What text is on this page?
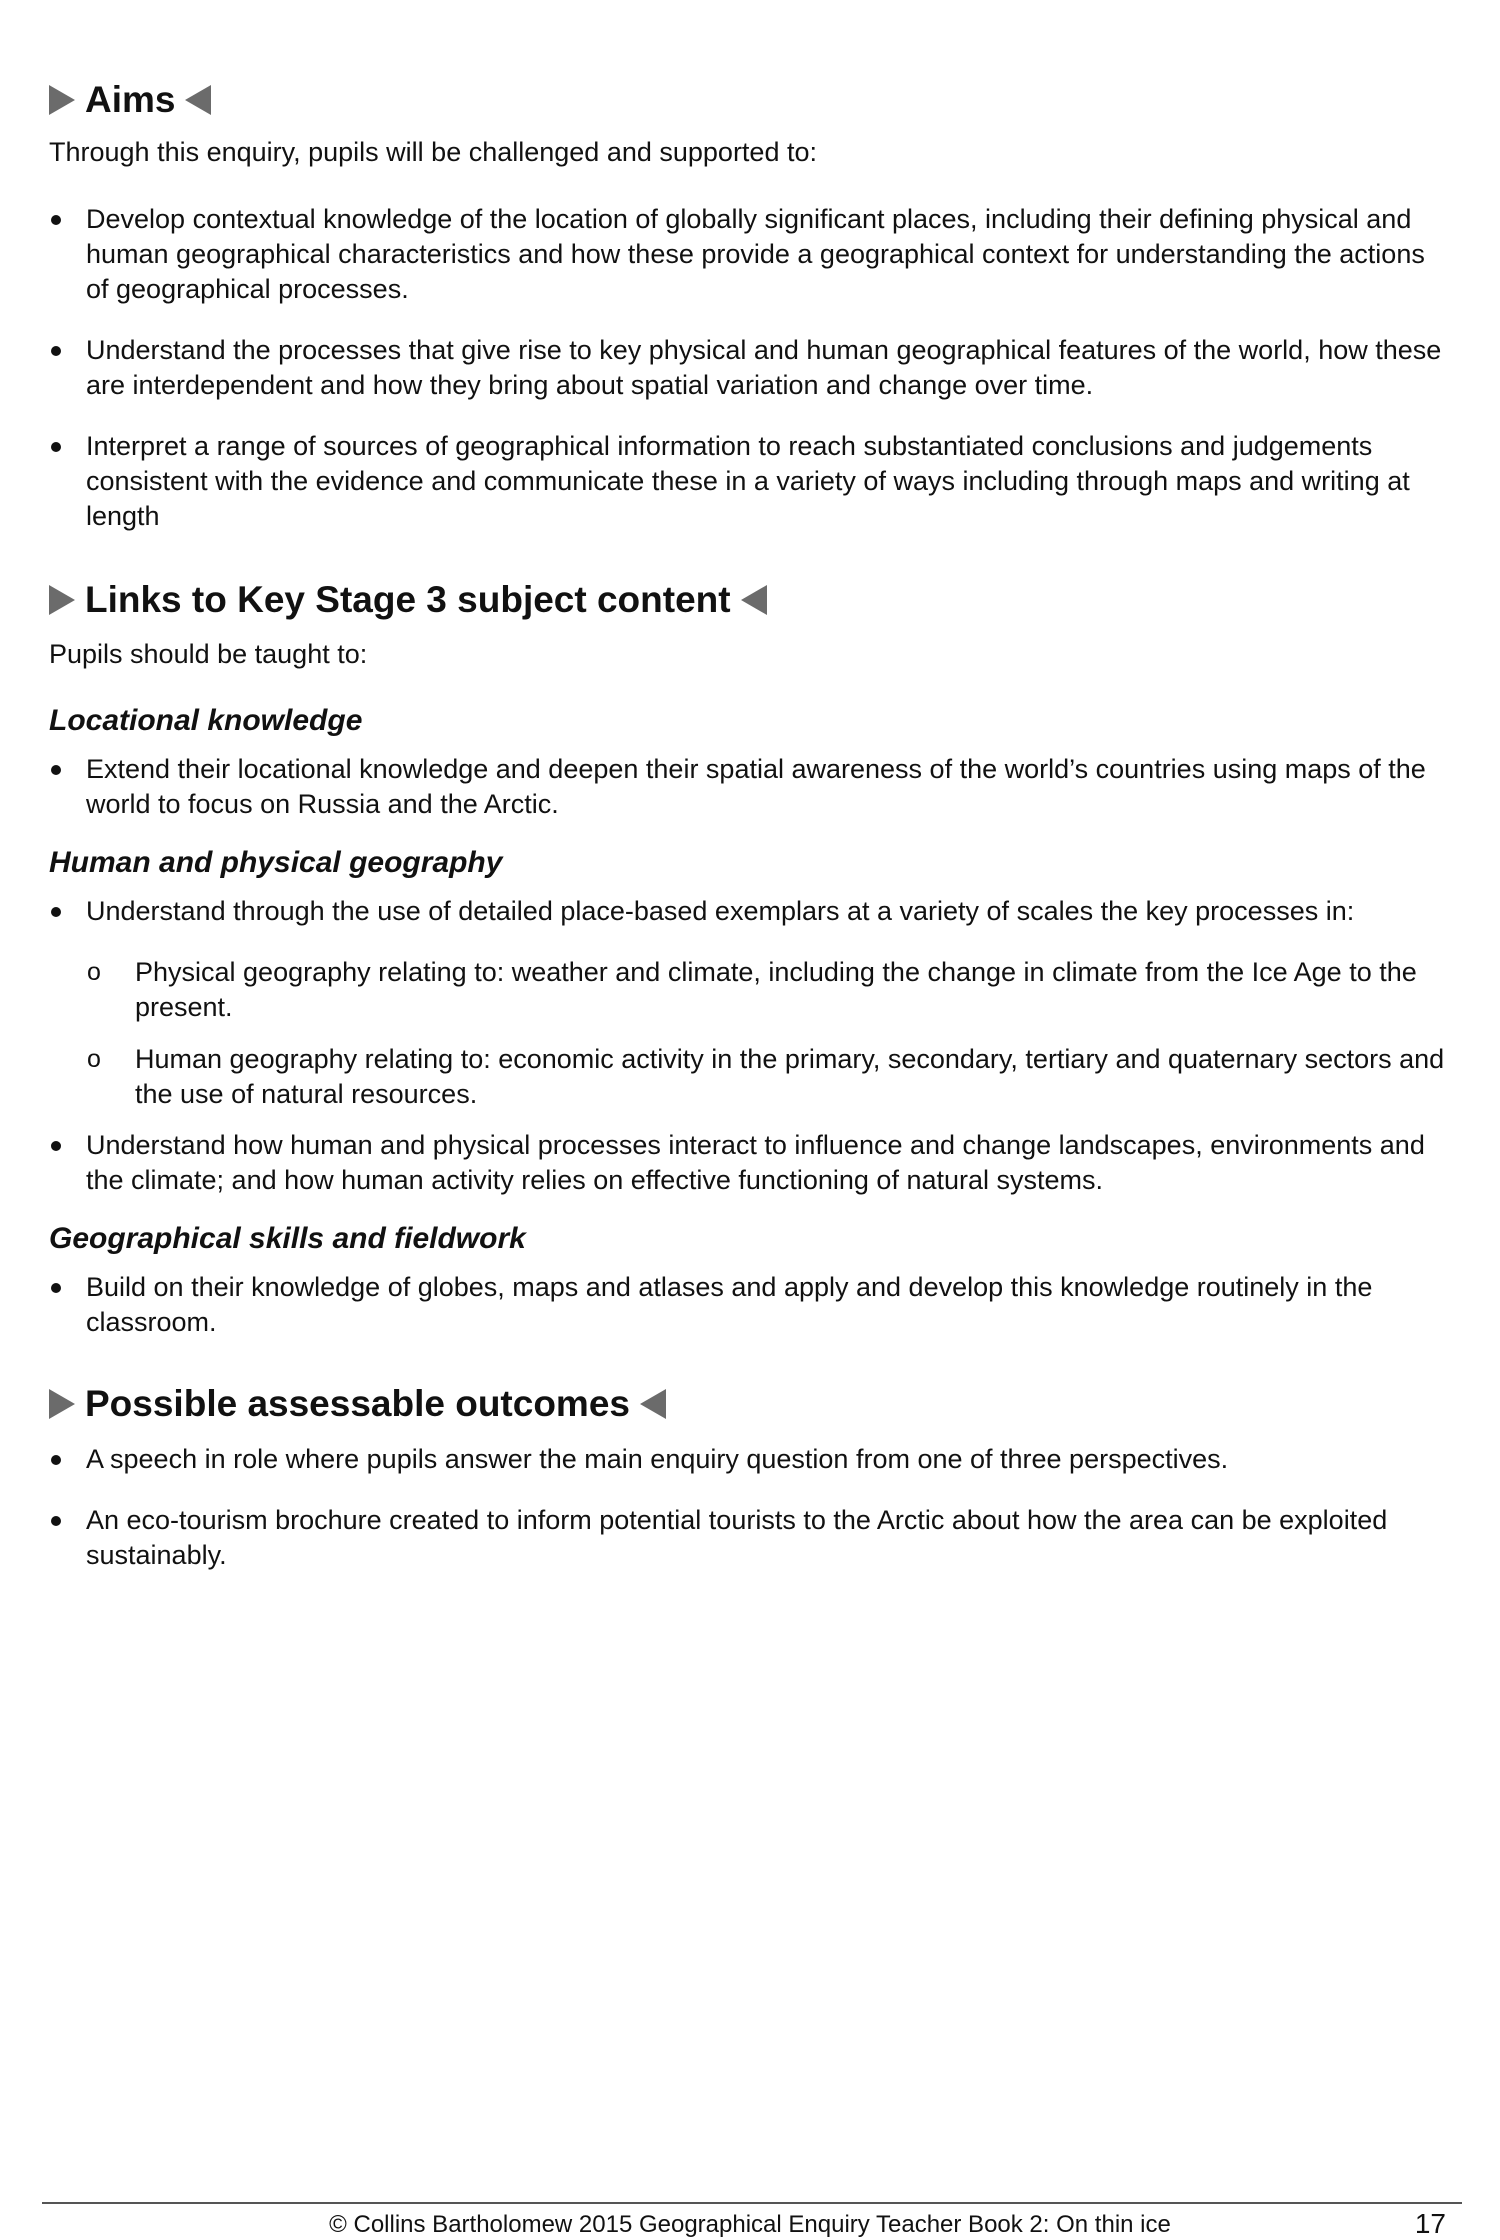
Aims

Through this enquiry, pupils will be challenged and supported to:

Develop contextual knowledge of the location of globally significant places, including their defining physical and human geographical characteristics and how these provide a geographical context for understanding the actions of geographical processes.
Understand the processes that give rise to key physical and human geographical features of the world, how these are interdependent and how they bring about spatial variation and change over time.
Interpret a range of sources of geographical information to reach substantiated conclusions and judgements consistent with the evidence and communicate these in a variety of ways including through maps and writing at length
Links to Key Stage 3 subject content

Pupils should be taught to:

Locational knowledge
Extend their locational knowledge and deepen their spatial awareness of the world’s countries using maps of the world to focus on Russia and the Arctic.
Human and physical geography
Understand through the use of detailed place-based exemplars at a variety of scales the key processes in:
o Physical geography relating to: weather and climate, including the change in climate from the Ice Age to the present.
o Human geography relating to: economic activity in the primary, secondary, tertiary and quaternary sectors and the use of natural resources.
Understand how human and physical processes interact to influence and change landscapes, environments and the climate; and how human activity relies on effective functioning of natural systems.
Geographical skills and fieldwork
Build on their knowledge of globes, maps and atlases and apply and develop this knowledge routinely in the classroom.
Possible assessable outcomes
A speech in role where pupils answer the main enquiry question from one of three perspectives.
An eco-tourism brochure created to inform potential tourists to the Arctic about how the area can be exploited sustainably.
© Collins Bartholomew 2015 Geographical Enquiry Teacher Book 2: On thin ice	17
